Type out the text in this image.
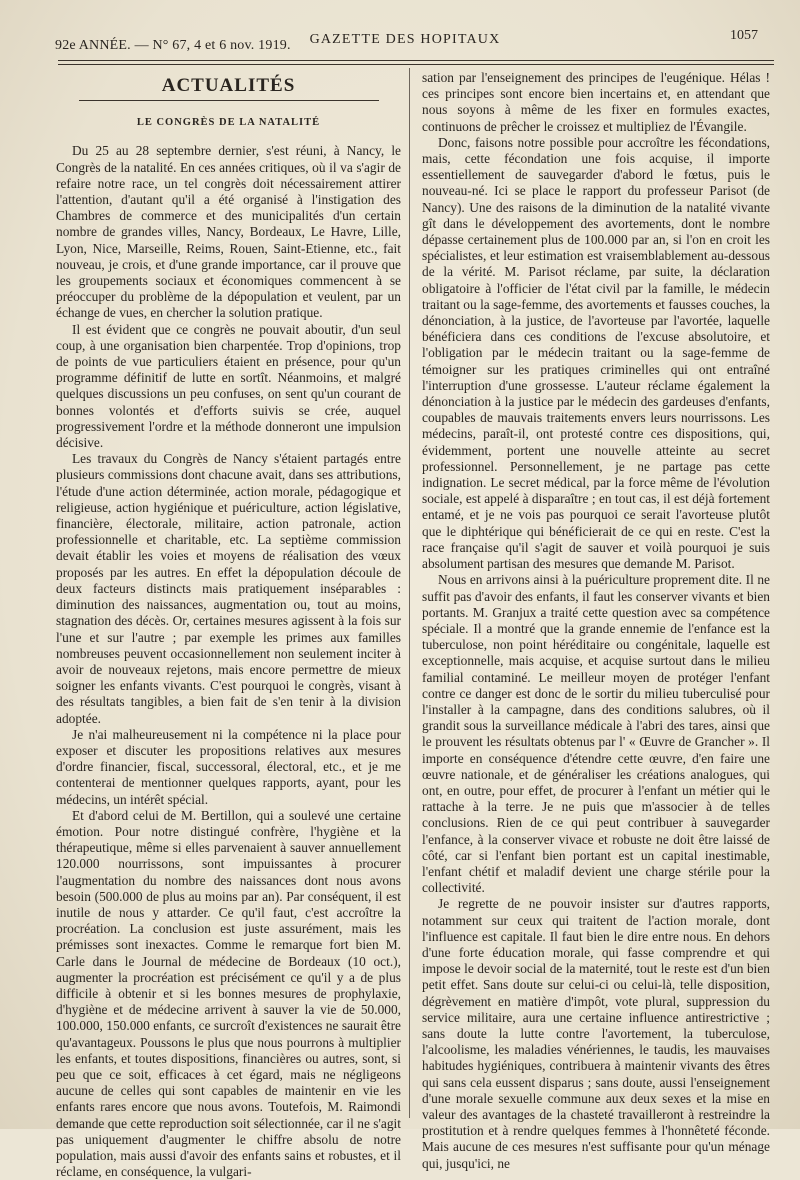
92e ANNÉE. — N° 67, 4 et 6 nov. 1919.	GAZETTE DES HOPITAUX	1057
ACTUALITÉS
LE CONGRÈS DE LA NATALITÉ

Du 25 au 28 septembre dernier, s'est réuni, à Nancy, le Congrès de la natalité. En ces années critiques, où il va s'agir de refaire notre race, un tel congrès doit nécessairement attirer l'attention, d'autant qu'il a été organisé à l'instigation des Chambres de commerce et des municipalités d'un certain nombre de grandes villes, Nancy, Bordeaux, Le Havre, Lille, Lyon, Nice, Marseille, Reims, Rouen, Saint-Etienne, etc., fait nouveau, je crois, et d'une grande importance, car il prouve que les groupements sociaux et économiques commencent à se préoccuper du problème de la dépopulation et veulent, par un échange de vues, en chercher la solution pratique.

Il est évident que ce congrès ne pouvait aboutir, d'un seul coup, à une organisation bien charpentée. Trop d'opinions, trop de points de vue particuliers étaient en présence, pour qu'un programme définitif de lutte en sortît. Néanmoins, et malgré quelques discussions un peu confuses, on sent qu'un courant de bonnes volontés et d'efforts suivis se crée, auquel progressivement l'ordre et la méthode donneront une impulsion décisive.

Les travaux du Congrès de Nancy s'étaient partagés entre plusieurs commissions dont chacune avait, dans ses attributions, l'étude d'une action déterminée, action morale, pédagogique et religieuse, action hygiénique et puériculture, action législative, financière, électorale, militaire, action patronale, action professionnelle et charitable, etc. La septième commission devait établir les voies et moyens de réalisation des vœux proposés par les autres. En effet la dépopulation découle de deux facteurs distincts mais pratiquement inséparables : diminution des naissances, augmentation ou, tout au moins, stagnation des décès. Or, certaines mesures agissent à la fois sur l'une et sur l'autre ; par exemple les primes aux familles nombreuses peuvent occasionnellement non seulement inciter à avoir de nouveaux rejetons, mais encore permettre de mieux soigner les enfants vivants. C'est pourquoi le congrès, visant à des résultats tangibles, a bien fait de s'en tenir à la division adoptée.

Je n'ai malheureusement ni la compétence ni la place pour exposer et discuter les propositions relatives aux mesures d'ordre financier, fiscal, successoral, électoral, etc., et je me contenterai de mentionner quelques rapports, ayant, pour les médecins, un intérêt spécial.

Et d'abord celui de M. Bertillon, qui a soulevé une certaine émotion. Pour notre distingué confrère, l'hygiène et la thérapeutique, même si elles parvenaient à sauver annuellement 120.000 nourrissons, sont impuissantes à procurer l'augmentation du nombre des naissances dont nous avons besoin (500.000 de plus au moins par an). Par conséquent, il est inutile de nous y attarder. Ce qu'il faut, c'est accroître la procréation. La conclusion est juste assurément, mais les prémisses sont inexactes. Comme le remarque fort bien M. Carle dans le Journal de médecine de Bordeaux (10 oct.), augmenter la procréation est précisément ce qu'il y a de plus difficile à obtenir et si les bonnes mesures de prophylaxie, d'hygiène et de médecine arrivent à sauver la vie de 50.000, 100.000, 150.000 enfants, ce surcroît d'existences ne saurait être qu'avantageux. Poussons le plus que nous pourrons à multiplier les enfants, et toutes dispositions, financières ou autres, sont, si peu que ce soit, efficaces à cet égard, mais ne négligeons aucune de celles qui sont capables de maintenir en vie les enfants rares encore que nous avons. Toutefois, M. Raimondi demande que cette reproduction soit sélectionnée, car il ne s'agit pas uniquement d'augmenter le chiffre absolu de notre population, mais aussi d'avoir des enfants sains et robustes, et il réclame, en conséquence, la vulgari-

sation par l'enseignement des principes de l'eugénique. Hélas ! ces principes sont encore bien incertains et, en attendant que nous soyons à même de les fixer en formules exactes, continuons de prêcher le croissez et multipliez de l'Évangile.

Donc, faisons notre possible pour accroître les fécondations, mais, cette fécondation une fois acquise, il importe essentiellement de sauvegarder d'abord le fœtus, puis le nouveau-né. Ici se place le rapport du professeur Parisot (de Nancy). Une des raisons de la diminution de la natalité vivante gît dans le développement des avortements, dont le nombre dépasse certainement plus de 100.000 par an, si l'on en croit les spécialistes, et leur estimation est vraisemblablement au-dessous de la vérité. M. Parisot réclame, par suite, la déclaration obligatoire à l'officier de l'état civil par la famille, le médecin traitant ou la sage-femme, des avortements et fausses couches, la dénonciation, à la justice, de l'avorteuse par l'avortée, laquelle bénéficiera dans ces conditions de l'excuse absolutoire, et l'obligation par le médecin traitant ou la sage-femme de témoigner sur les pratiques criminelles qui ont entraîné l'interruption d'une grossesse. L'auteur réclame également la dénonciation à la justice par le médecin des gardeuses d'enfants, coupables de mauvais traitements envers leurs nourrissons. Les médecins, paraît-il, ont protesté contre ces dispositions, qui, évidemment, portent une nouvelle atteinte au secret professionnel. Personnellement, je ne partage pas cette indignation. Le secret médical, par la force même de l'évolution sociale, est appelé à disparaître ; en tout cas, il est déjà fortement entamé, et je ne vois pas pourquoi ce serait l'avorteuse plutôt que le diphtérique qui bénéficierait de ce qui en reste. C'est la race française qu'il s'agit de sauver et voilà pourquoi je suis absolument partisan des mesures que demande M. Parisot.

Nous en arrivons ainsi à la puériculture proprement dite. Il ne suffit pas d'avoir des enfants, il faut les conserver vivants et bien portants. M. Granjux a traité cette question avec sa compétence spéciale. Il a montré que la grande ennemie de l'enfance est la tuberculose, non point héréditaire ou congénitale, laquelle est exceptionnelle, mais acquise, et acquise surtout dans le milieu familial contaminé. Le meilleur moyen de protéger l'enfant contre ce danger est donc de le sortir du milieu tuberculisé pour l'installer à la campagne, dans des conditions salubres, où il grandit sous la surveillance médicale à l'abri des tares, ainsi que le prouvent les résultats obtenus par l' « Œuvre de Grancher ». Il importe en conséquence d'étendre cette œuvre, d'en faire une œuvre nationale, et de généraliser les créations analogues, qui ont, en outre, pour effet, de procurer à l'enfant un métier qui le rattache à la terre. Je ne puis que m'associer à de telles conclusions. Rien de ce qui peut contribuer à sauvegarder l'enfance, à la conserver vivace et robuste ne doit être laissé de côté, car si l'enfant bien portant est un capital inestimable, l'enfant chétif et maladif devient une charge stérile pour la collectivité.

Je regrette de ne pouvoir insister sur d'autres rapports, notamment sur ceux qui traitent de l'action morale, dont l'influence est capitale. Il faut bien le dire entre nous. En dehors d'une forte éducation morale, qui fasse comprendre et qui impose le devoir social de la maternité, tout le reste est d'un bien petit effet. Sans doute sur celui-ci ou celui-là, telle disposition, dégrèvement en matière d'impôt, vote plural, suppression du service militaire, aura une certaine influence antirestrictive ; sans doute la lutte contre l'avortement, la tuberculose, l'alcoolisme, les maladies vénériennes, le taudis, les mauvaises habitudes hygiéniques, contribuera à maintenir vivants des êtres qui sans cela eussent disparus ; sans doute, aussi l'enseignement d'une morale sexuelle commune aux deux sexes et la mise en valeur des avantages de la chasteté travailleront à restreindre la prostitution et à rendre quelques femmes à l'honnêteté féconde. Mais aucune de ces mesures n'est suffisante pour qu'un ménage qui, jusqu'ici, ne
